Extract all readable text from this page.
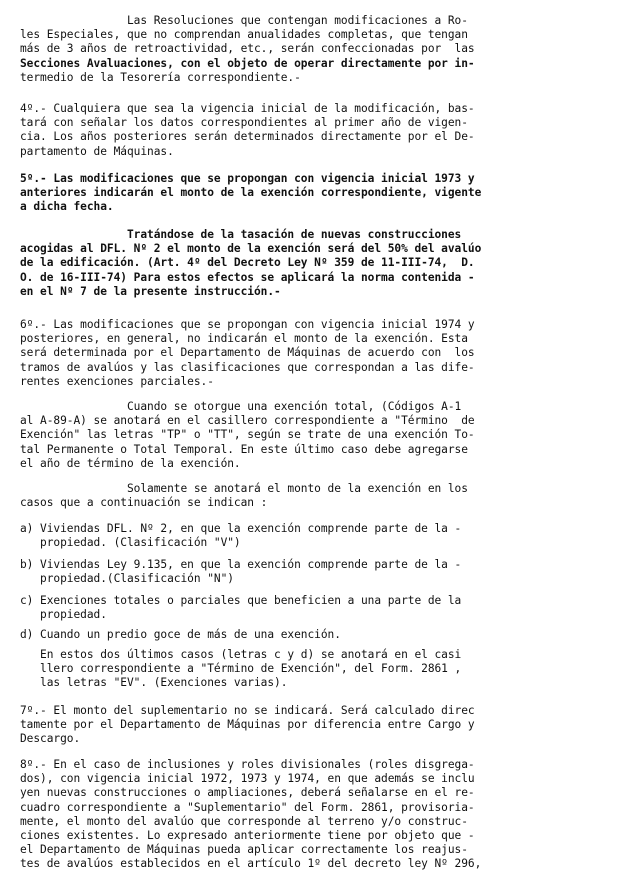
Las Resoluciones que contengan modificaciones a Ro-
les Especiales, que no comprendan anualidades completas, que tengan
más de 3 años de retroactividad, etc., serán confeccionadas por  las
Secciones Avaluaciones, con el objeto de operar directamente por in-
termedio de la Tesorería correspondiente.-
4º.- Cualquiera que sea la vigencia inicial de la modificación, bas-
tará con señalar los datos correspondientes al primer año de vigen-
cia. Los años posteriores serán determinados directamente por el De-
partamento de Máquinas.
5º.- Las modificaciones que se propongan con vigencia inicial 1973 y
anteriores indicarán el monto de la exención correspondiente, vigente
a dicha fecha.
Tratándose de la tasación de nuevas construcciones
acogidas al DFL. Nº 2 el monto de la exención será del 50% del avalúo
de la edificación. (Art. 4º del Decreto Ley Nº 359 de 11-III-74,  D.
O. de 16-III-74) Para estos efectos se aplicará la norma contenida -
en el Nº 7 de la presente instrucción.-
6º.- Las modificaciones que se propongan con vigencia inicial 1974 y
posteriores, en general, no indicarán el monto de la exención. Esta
será determinada por el Departamento de Máquinas de acuerdo con  los
tramos de avalúos y las clasificaciones que correspondan a las dife-
rentes exenciones parciales.-
Cuando se otorgue una exención total, (Códigos A-1
al A-89-A) se anotará en el casillero correspondiente a "Término  de
Exención" las letras "TP" o "TT", según se trate de una exención To-
tal Permanente o Total Temporal. En este último caso debe agregarse
el año de término de la exención.
Solamente se anotará el monto de la exención en los
casos que a continuación se indican :
a) Viviendas DFL. Nº 2, en que la exención comprende parte de la -
propiedad. (Clasificación "V")
b) Viviendas Ley 9.135, en que la exención comprende parte de la -
propiedad.(Clasificación "N")
c) Exenciones totales o parciales que beneficien a una parte de la
propiedad.
d) Cuando un predio goce de más de una exención.
En estos dos últimos casos (letras c y d) se anotará en el casi
llero correspondiente a "Término de Exención", del Form. 2861 ,
las letras "EV". (Exenciones varias).
7º.- El monto del suplementario no se indicará. Será calculado direc
tamente por el Departamento de Máquinas por diferencia entre Cargo y
Descargo.
8º.- En el caso de inclusiones y roles divisionales (roles disgrega-
dos), con vigencia inicial 1972, 1973 y 1974, en que además se inclu
yen nuevas construcciones o ampliaciones, deberá señalarse en el re-
cuadro correspondiente a "Suplementario" del Form. 2861, provisoria-
mente, el monto del avalúo que corresponde al terreno y/o construc-
ciones existentes. Lo expresado anteriormente tiene por objeto que -
el Departamento de Máquinas pueda aplicar correctamente los reajus-
tes de avalúos establecidos en el artículo 1º del decreto ley Nº 296,
